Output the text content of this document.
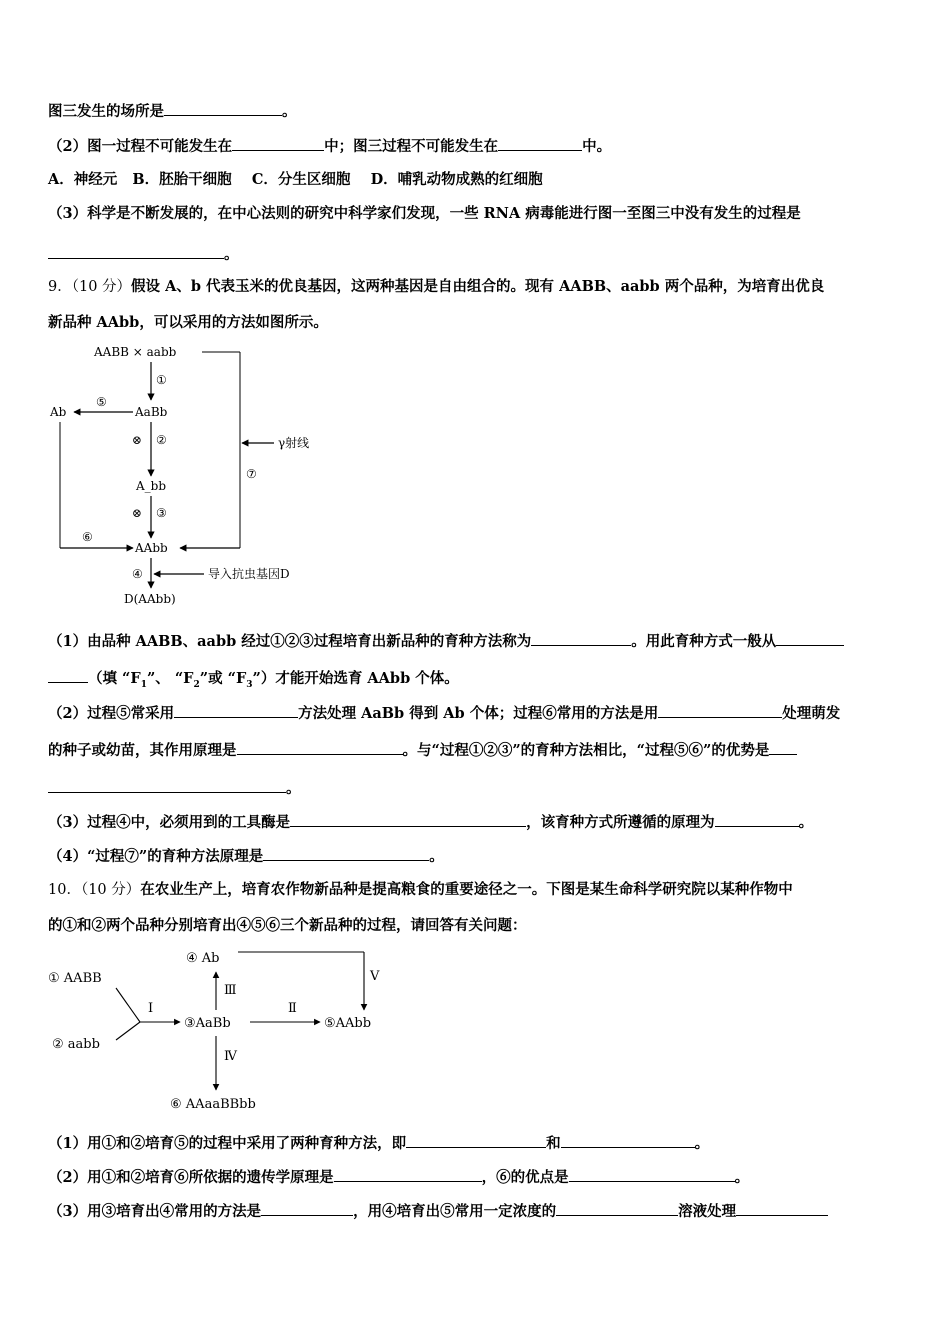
图三发生的场所是	。
（2）图一过程不可能发生在	中；图三过程不可能发生在	中。
A．神经元   B．胚胎干细胞    C．分生区细胞    D．哺乳动物成熟的红细胞
（3）科学是不断发展的，在中心法则的研究中科学家们发现，一些 RNA 病毒能进行图一至图三中没有发生的过程是
。
9．（10 分）假设 A、b 代表玉米的优良基因，这两种基因是自由组合的。现有 AABB、aabb 两个品种，为培育出优良
新品种 AAbb，可以采用的方法如图所示。
AABB × aabb
①
⑦
γ射线
AaBb
⑤
Ab
⑥
⊗ ②
A_bb
⊗ ③
AAbb
④	导入抗虫基因D
D(AAbb)
（1）由品种 AABB、aabb 经过①②③过程培育出新品种的育种方法称为	。用此育种方式一般从
（填 “$F_1$”、 “$F_2$”或 “$F_3$”）才能开始选育 AAbb 个体。
（2）过程⑤常采用	方法处理 AaBb 得到 Ab 个体；过程⑥常用的方法是用	处理萌发
的种子或幼苗，其作用原理是	。与“过程①②③”的育种方法相比，“过程⑤⑥”的优势是
。
（3）过程④中，必须用到的工具酶是	，该育种方式所遵循的原理为	。
（4）“过程⑦”的育种方法原理是	。
10．（10 分）在农业生产上，培育农作物新品种是提高粮食的重要途径之一。下图是某生命科学研究院以某种作物中
的①和②两个品种分别培育出④⑤⑥三个新品种的过程，请回答有关问题：
① AABB
② aabb
Ⅰ
③AaBb
Ⅱ
⑤AAbb
Ⅲ
④ Ab
Ⅴ
Ⅳ
⑥ AAaaBBbb
（1）用①和②培育⑤的过程中采用了两种育种方法，即	和	。
（2）用①和②培育⑥所依据的遗传学原理是	，⑥的优点是	。
（3）用③培育出④常用的方法是	，用④培育出⑤常用一定浓度的	溶液处理
